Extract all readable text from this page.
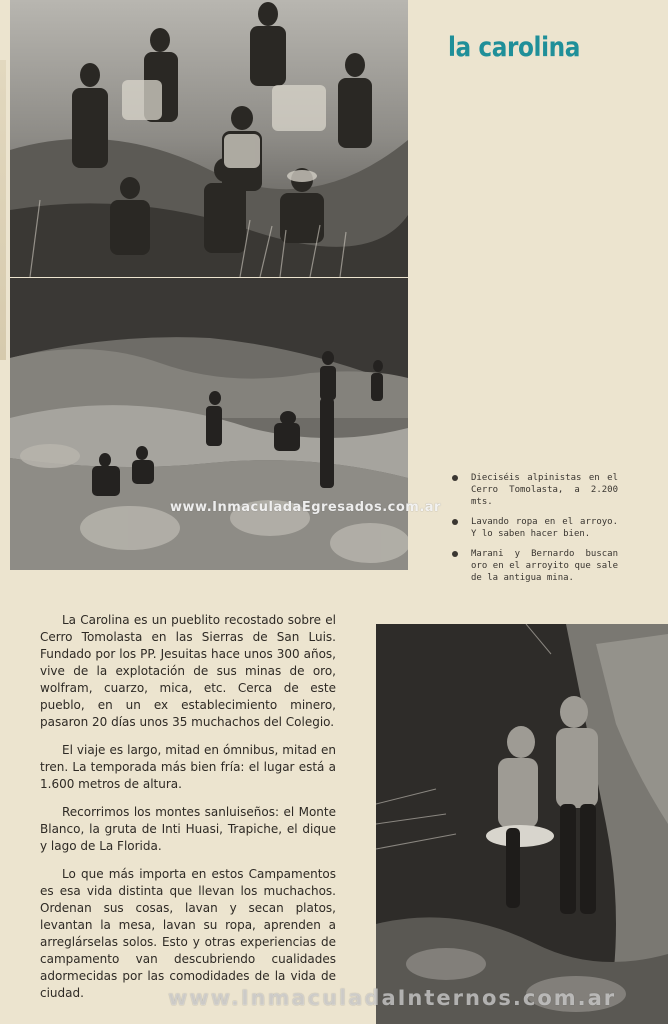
la carolina
Dieciséis alpinistas en el Cerro Tomolasta, a 2.200 mts.
Lavando ropa en el arroyo. Y lo saben hacer bien.
Marani y Bernardo buscan oro en el arroyito que sale de la antigua mina.

La Carolina es un pueblito recostado sobre el Cerro Tomolasta en las Sierras de San Luis. Fundado por los PP. Jesuitas hace unos 300 años, vive de la explotación de sus minas de oro, wolfram, cuarzo, mica, etc. Cerca de este pueblo, en un ex establecimiento minero, pasaron 20 días unos 35 muchachos del Colegio.

El viaje es largo, mitad en ómnibus, mitad en tren. La temporada más bien fría: el lugar está a 1.600 metros de altura.

Recorrimos los montes sanluiseños: el Monte Blanco, la gruta de Inti Huasi, Trapiche, el dique y lago de La Florida.

Lo que más importa en estos Campamentos es esa vida distinta que llevan los muchachos. Ordenan sus cosas, lavan y secan platos, levantan la mesa, lavan su ropa, aprenden a arreglárselas solos. Esto y otras experiencias de campamento van descubriendo cualidades adormecidas por las comodidades de la vida de ciudad.

www.InmaculadaEgresados.com.ar
www.InmaculadaInternos.com.ar
